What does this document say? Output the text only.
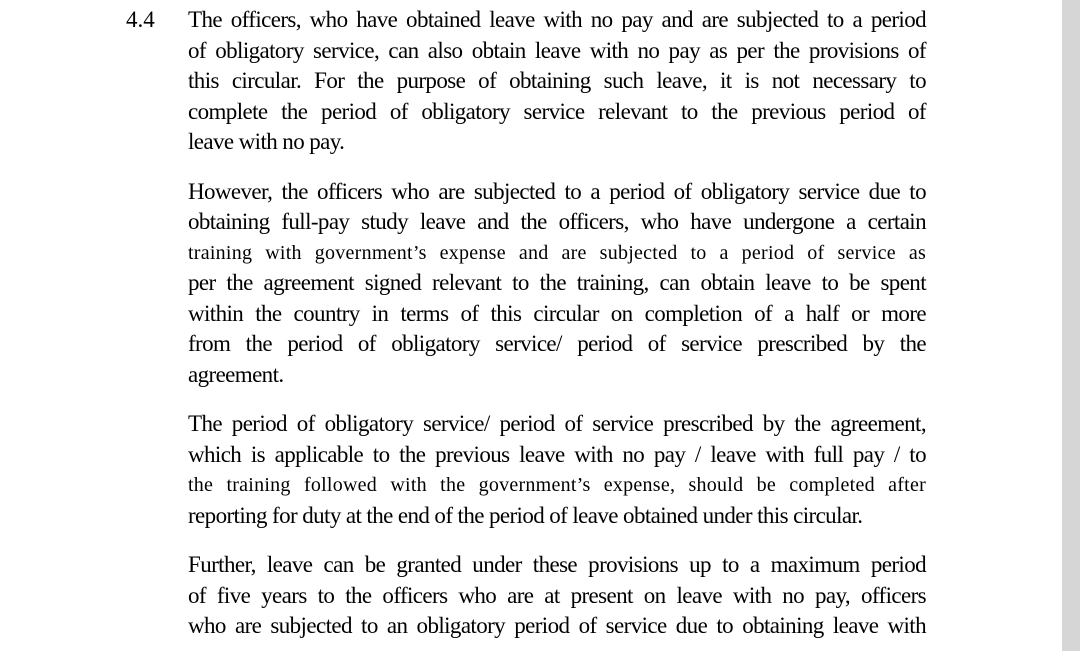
4.4 The officers, who have obtained leave with no pay and are subjected to a period
of obligatory service, can also obtain leave with no pay as per the provisions of
this circular. For the purpose of obtaining such leave, it is not necessary to
complete the period of obligatory service relevant to the previous period of
leave with no pay.

However, the officers who are subjected to a period of obligatory service due to
obtaining full-pay study leave and the officers, who have undergone a certain
training with government’s expense and are subjected to a period of service as
per the agreement signed relevant to the training, can obtain leave to be spent
within the country in terms of this circular on completion of a half or more
from the period of obligatory service/ period of service prescribed by the
agreement.

The period of obligatory service/ period of service prescribed by the agreement,
which is applicable to the previous leave with no pay / leave with full pay / to
the training followed with the government’s expense, should be completed after
reporting for duty at the end of the period of leave obtained under this circular.

Further, leave can be granted under these provisions up to a maximum period
of five years to the officers who are at present on leave with no pay, officers
who are subjected to an obligatory period of service due to obtaining leave with
